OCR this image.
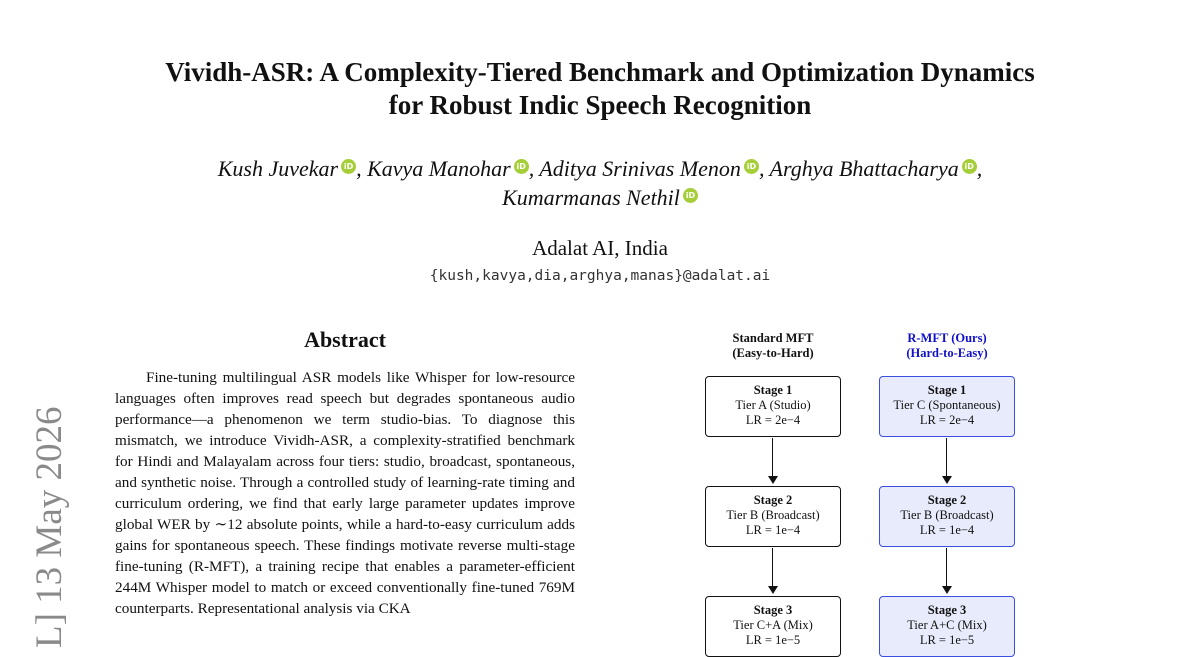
L] 13 May 2026
Vividh-ASR: A Complexity-Tiered Benchmark and Optimization Dynamics
for Robust Indic Speech Recognition
Kush Juvekar iD , Kavya Manohar iD , Aditya Srinivas Menon iD , Arghya Bhattacharya iD ,
Kumarmanas Nethil iD
Adalat AI, India
{kush,kavya,dia,arghya,manas}@adalat.ai
Abstract

Fine-tuning multilingual ASR models like Whisper for low-resource languages often improves read speech but degrades spontaneous audio performance—a phenomenon we term studio-bias. To diagnose this mismatch, we introduce Vividh-ASR, a complexity-stratified benchmark for Hindi and Malayalam across four tiers: studio, broadcast, spontaneous, and synthetic noise. Through a controlled study of learning-rate timing and curriculum ordering, we find that early large parameter updates improve global WER by ∼12 absolute points, while a hard-to-easy curriculum adds gains for spontaneous speech. These findings motivate reverse multi-stage fine-tuning (R-MFT), a training recipe that enables a parameter-efficient 244M Whisper model to match or exceed conventionally fine-tuned 769M counterparts. Representational analysis via CKA

Standard MFT
(Easy-to-Hard)
Stage 1
Tier A (Studio)
LR = 2e−4
Stage 2
Tier B (Broadcast)
LR = 1e−4
Stage 3
Tier C+A (Mix)
LR = 1e−5
R-MFT (Ours)
(Hard-to-Easy)
Stage 1
Tier C (Spontaneous)
LR = 2e−4
Stage 2
Tier B (Broadcast)
LR = 1e−4
Stage 3
Tier A+C (Mix)
LR = 1e−5
